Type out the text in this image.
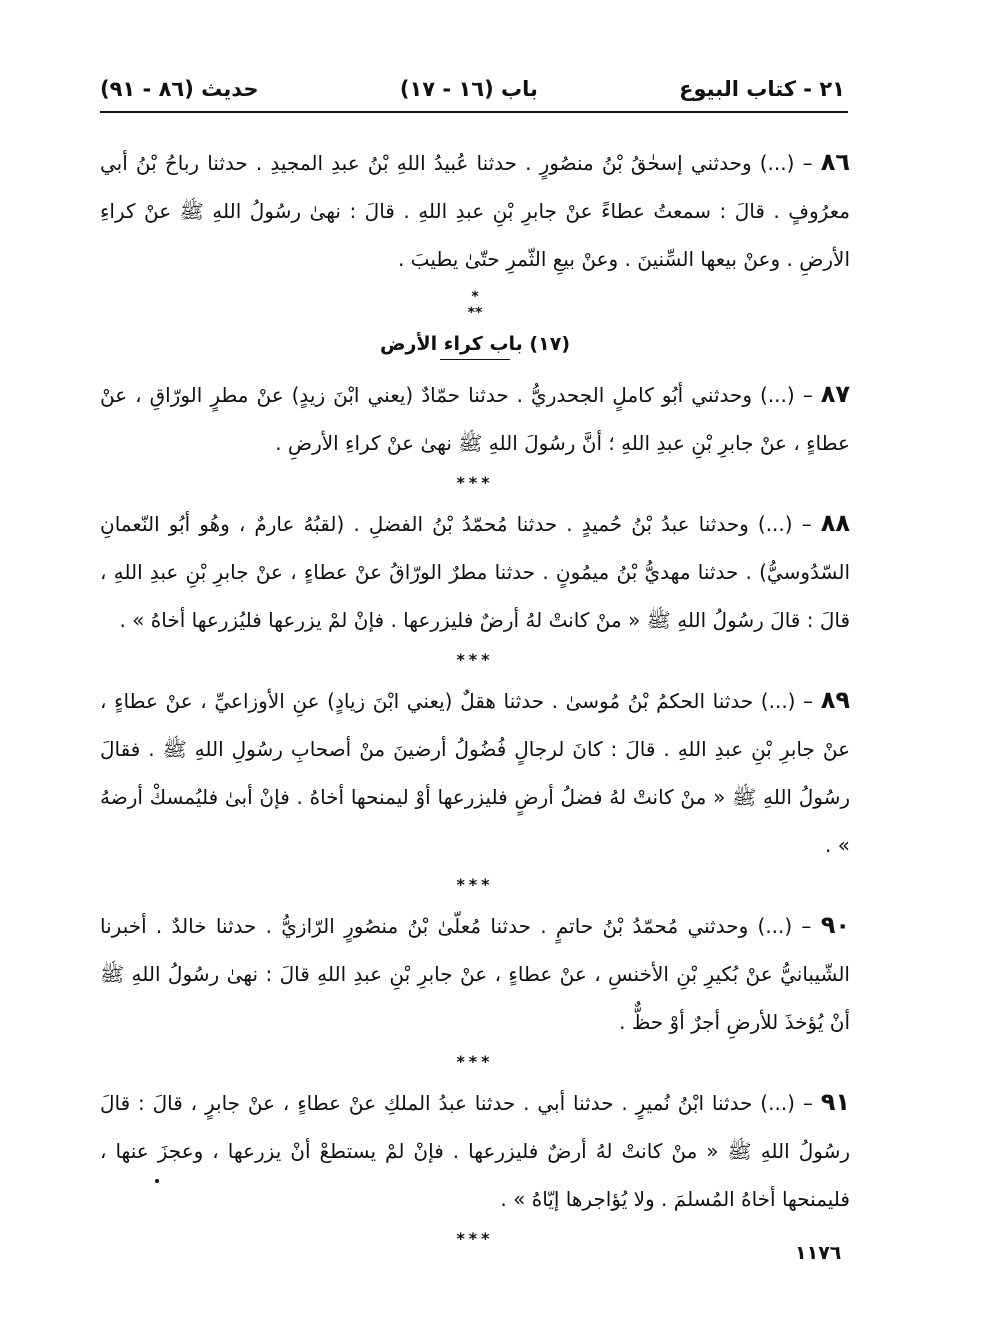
(٨٦ - ٩١) حديث	(١٦ - ١٧) باب	٢١ - كتاب البيوع

٨٦ – (...) وحدثني إسحٰقُ بْنُ منصُورٍ . حدثنا عُبيدُ اللهِ بْنُ عبدِ المجيدِ . حدثنا رباحُ بْنُ أبي معرُوفٍ . قالَ : سمعتُ عطاءً عنْ جابرِ بْنِ عبدِ اللهِ . قالَ : نهىٰ رسُولُ اللهِ ﷺ عنْ كراءِ الأرضِ . وعنْ بيعها السِّنينَ . وعنْ بيعِ الثّمرِ حتّىٰ يطيبَ .

*
**
(١٧) باب كراء الأرض

٨٧ – (...) وحدثني أبُو كاملٍ الجحدريُّ . حدثنا حمّادٌ (يعني ابْنَ زيدٍ) عنْ مطرٍ الورّاقِ ، عنْ عطاءٍ ، عنْ جابرِ بْنِ عبدِ اللهِ ؛ أنَّ رسُولَ اللهِ ﷺ نهىٰ عنْ كراءِ الأرضِ .

***

٨٨ – (...) وحدثنا عبدُ بْنُ حُميدٍ . حدثنا مُحمّدُ بْنُ الفضلِ . (لقبُهُ عارمٌ ، وهُو أبُو النّعمانِ السّدُوسيُّ) . حدثنا مهديُّ بْنُ ميمُونٍ . حدثنا مطرٌ الورّاقُ عنْ عطاءٍ ، عنْ جابرِ بْنِ عبدِ اللهِ ، قالَ : قالَ رسُولُ اللهِ ﷺ « منْ كانتْ لهُ أرضٌ فليزرعها . فإنْ لمْ يزرعها فليُزرعها أخاهُ » .

***

٨٩ – (...) حدثنا الحكمُ بْنُ مُوسىٰ . حدثنا هقلٌ (يعني ابْنَ زيادٍ) عنِ الأوزاعيِّ ، عنْ عطاءٍ ، عنْ جابرِ بْنِ عبدِ اللهِ . قالَ : كانَ لرجالٍ فُضُولُ أرضينَ منْ أصحابِ رسُولِ اللهِ ﷺ . فقالَ رسُولُ اللهِ ﷺ « منْ كانتْ لهُ فضلُ أرضٍ فليزرعها أوْ ليمنحها أخاهُ . فإنْ أبىٰ فليُمسكْ أرضهُ » .

***

٩٠ – (...) وحدثني مُحمّدُ بْنُ حاتمٍ . حدثنا مُعلّىٰ بْنُ منصُورٍ الرّازيُّ . حدثنا خالدٌ . أخبرنا الشّيبانيُّ عنْ بُكيرِ بْنِ الأخنسِ ، عنْ عطاءٍ ، عنْ جابرِ بْنِ عبدِ اللهِ قالَ : نهىٰ رسُولُ اللهِ ﷺ أنْ يُؤخذَ للأرضِ أجرٌ أوْ حظٌّ .

***

٩١ – (...) حدثنا ابْنُ نُميرٍ . حدثنا أبي . حدثنا عبدُ الملكِ عنْ عطاءٍ ، عنْ جابرٍ ، قالَ : قالَ رسُولُ اللهِ ﷺ « منْ كانتْ لهُ أرضٌ فليزرعها . فإنْ لمْ يستطعْ أنْ يزرعها ، وعجزَ عنها ، فليمنحها أخاهُ المُسلمَ . ولا يُؤاجرها إيّاهُ » .

***
١١٧٦
